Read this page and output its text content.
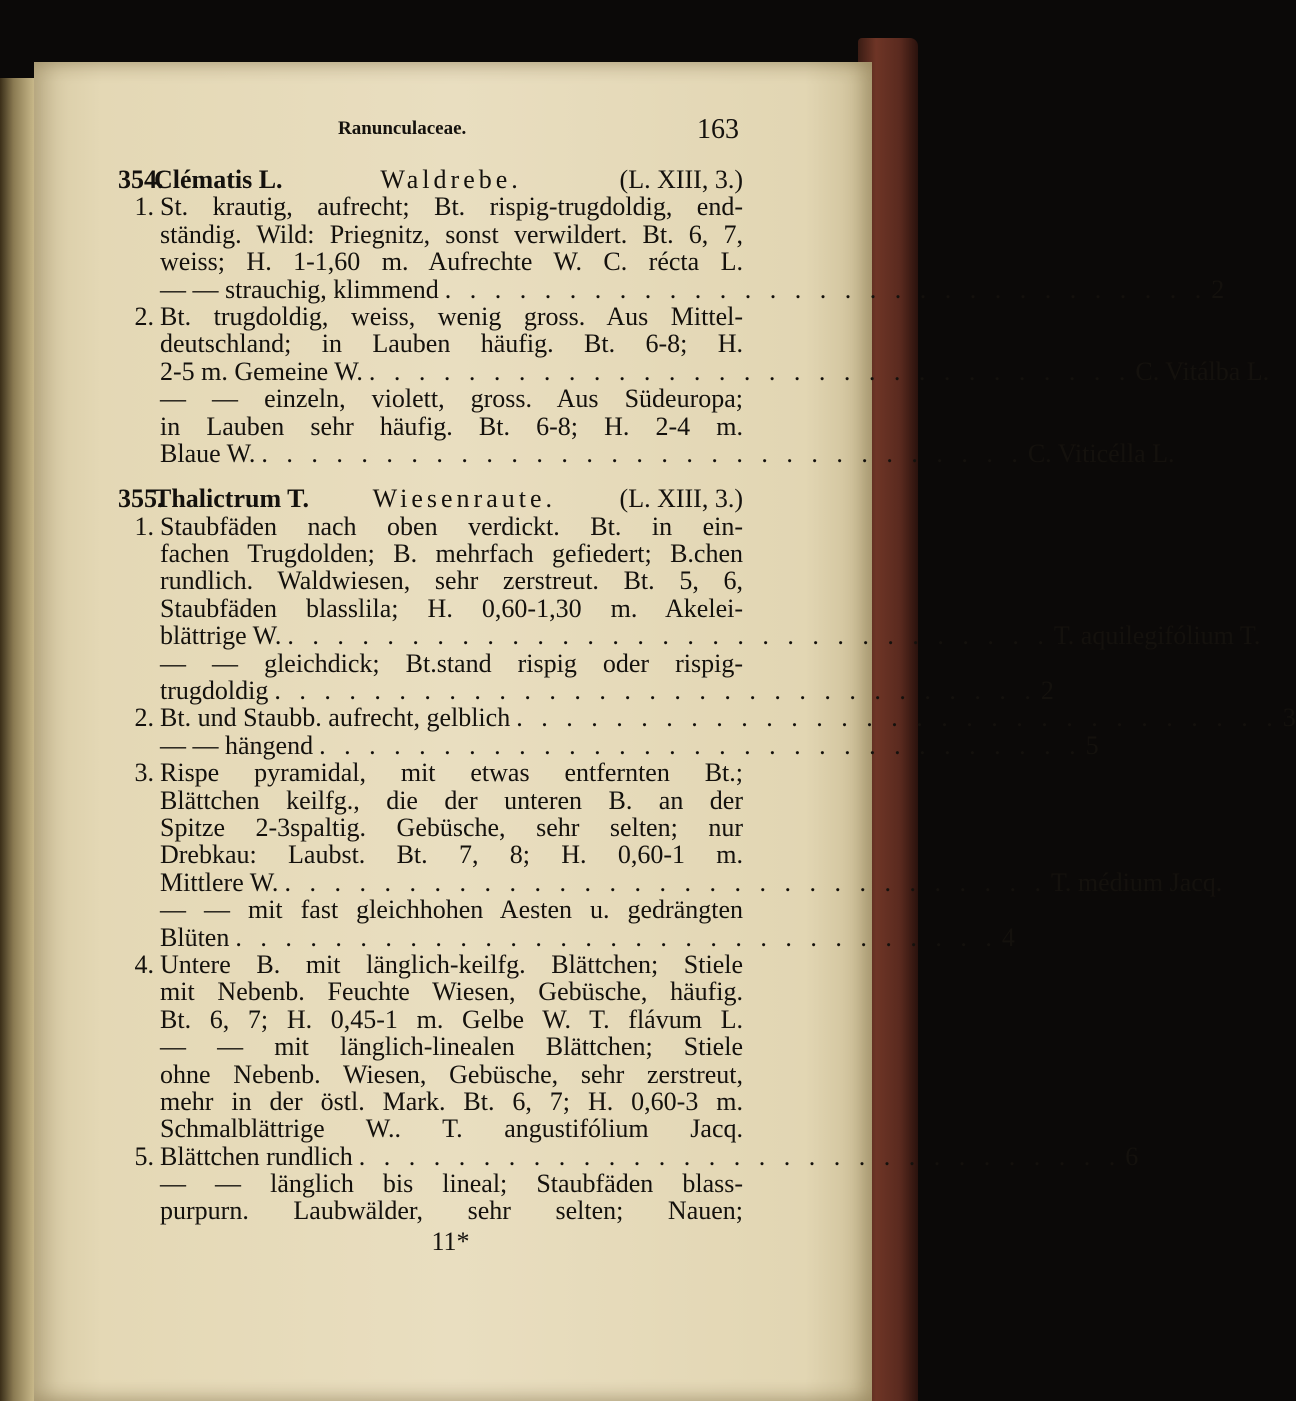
Ranunculaceae.	163
354.
Clématis L.	Waldrebe.	(L. XIII, 3.)
1. St. krautig, aufrecht; Bt. rispig-trugdoldig, end-
ständig. Wild: Priegnitz, sonst verwildert. Bt. 6, 7,
weiss; H. 1-1,60 m. Aufrechte W. C. récta L.
— — strauchig, klimmend . . . . . . . . . . . . . . . . . . . . . . . . . . . . . . . 2
2. Bt. trugdoldig, weiss, wenig gross. Aus Mittel-
deutschland; in Lauben häufig. Bt. 6-8; H.
2-5 m. Gemeine W. . . . . . . . . . . . . . . . . . . . . . . . . . . . . . . . C. Vitálba L.
— — einzeln, violett, gross. Aus Südeuropa;
in Lauben sehr häufig. Bt. 6-8; H. 2-4 m.
Blaue W. . . . . . . . . . . . . . . . . . . . . . . . . . . . . . . . C. Viticélla L.
355.
Thalictrum T. Wiesenraute. (L. XIII, 3.)
1. Staubfäden nach oben verdickt. Bt. in ein-
fachen Trugdolden; B. mehrfach gefiedert; B.chen
rundlich. Waldwiesen, sehr zerstreut. Bt. 5, 6,
Staubfäden blasslila; H. 0,60-1,30 m. Akelei-
blättrige W. . . . . . . . . . . . . . . . . . . . . . . . . . . . . . . . T. aquilegifólium T.
— — gleichdick; Bt.stand rispig oder rispig-
trugdoldig . . . . . . . . . . . . . . . . . . . . . . . . . . . . . . . 2
2. Bt. und Staubb. aufrecht, gelblich . . . . . . . . . . . . . . . . . . . . . . . . . . . . . . . 3
— — hängend . . . . . . . . . . . . . . . . . . . . . . . . . . . . . . . 5
3. Rispe pyramidal, mit etwas entfernten Bt.;
Blättchen keilfg., die der unteren B. an der
Spitze 2-3spaltig. Gebüsche, sehr selten; nur
Drebkau: Laubst. Bt. 7, 8; H. 0,60-1 m.
Mittlere W. . . . . . . . . . . . . . . . . . . . . . . . . . . . . . . . T. médium Jacq.
— — mit fast gleichhohen Aesten u. gedrängten
Blüten . . . . . . . . . . . . . . . . . . . . . . . . . . . . . . . 4
4. Untere B. mit länglich-keilfg. Blättchen; Stiele
mit Nebenb. Feuchte Wiesen, Gebüsche, häufig.
Bt. 6, 7; H. 0,45-1 m. Gelbe W. T. flávum L.
— — mit länglich-linealen Blättchen; Stiele
ohne Nebenb. Wiesen, Gebüsche, sehr zerstreut,
mehr in der östl. Mark. Bt. 6, 7; H. 0,60-3 m.
Schmalblättrige W.. T. angustifólium Jacq.
5. Blättchen rundlich . . . . . . . . . . . . . . . . . . . . . . . . . . . . . . . 6
— — länglich bis lineal; Staubfäden blass-
purpurn. Laubwälder, sehr selten; Nauen;
11*
